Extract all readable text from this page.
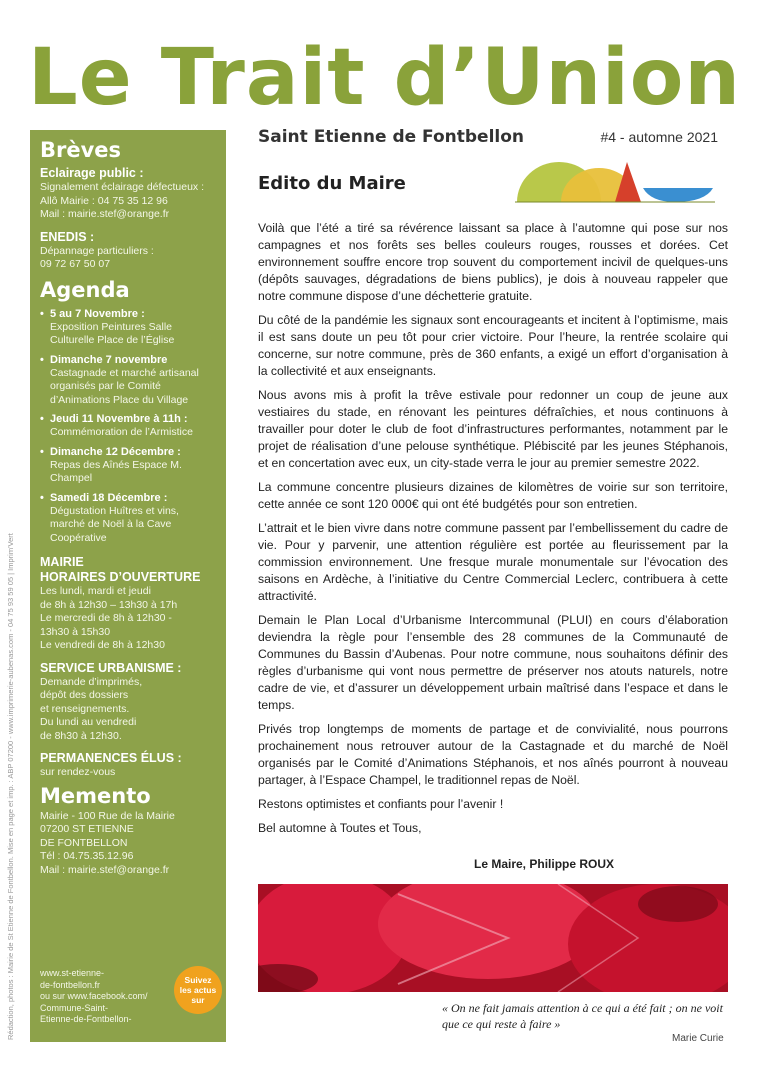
Le Trait d’Union
Rédaction, photos : Mairie de St Etienne de Fontbellon. Mise en page et imp. : ABP 07200 - www.imprimerie-aubenas.com - 04 75 93 59 05 | Imprim'Vert
Brèves
Eclairage public :
Signalement éclairage défectueux :
Allô Mairie : 04 75 35 12 96
Mail : mairie.stef@orange.fr
ENEDIS :
Dépannage particuliers :
09 72 67 50 07
Agenda
• 5 au 7 Novembre :
Exposition Peintures Salle Culturelle Place de l’Église
• Dimanche 7 novembre
Castagnade et marché artisanal organisés par le Comité d’Animations Place du Village
• Jeudi 11 Novembre à 11h :
Commémoration de l’Armistice
• Dimanche 12 Décembre :
Repas des Aînés Espace M. Champel
• Samedi 18 Décembre :
Dégustation Huîtres et vins, marché de Noël à la Cave Coopérative
MAIRIE
HORAIRES D’OUVERTURE
Les lundi, mardi et jeudi
de 8h à 12h30 – 13h30 à 17h
Le mercredi de 8h à 12h30 -
13h30 à 15h30
Le vendredi de 8h à 12h30
SERVICE URBANISME :
Demande d’imprimés,
dépôt des dossiers
et renseignements.
Du lundi au vendredi
de 8h30 à 12h30.
PERMANENCES ÉLUS :
sur rendez-vous
Memento
Mairie - 100 Rue de la Mairie
07200 ST ETIENNE
DE FONTBELLON
Tél : 04.75.35.12.96
Mail : mairie.stef@orange.fr
www.st-etienne-
de-fontbellon.fr
ou sur www.facebook.com/
Commune-Saint-
Etienne-de-Fontbellon-
Suivez
les actus
sur
Saint Etienne de Fontbellon	#4 - automne 2021
Edito du Maire

Voilà que l’été a tiré sa révérence laissant sa place à l’automne qui pose sur nos campagnes et nos forêts ses belles couleurs rouges, rousses et dorées. Cet environnement souffre encore trop souvent du comportement incivil de quelques-uns (dépôts sauvages, dégradations de biens publics), je dois à nouveau rappeler que notre commune dispose d’une déchetterie gratuite.

Du côté de la pandémie les signaux sont encourageants et incitent à l’optimisme, mais il est sans doute un peu tôt pour crier victoire. Pour l’heure, la rentrée scolaire qui concerne, sur notre commune, près de 360 enfants, a exigé un effort d’organisation à la collectivité et aux enseignants.

Nous avons mis à profit la trêve estivale pour redonner un coup de jeune aux vestiaires du stade, en rénovant les peintures défraîchies, et nous continuons à travailler pour doter le club de foot d’infrastructures performantes, notamment par le projet de réalisation d’une pelouse synthétique. Plébiscité par les jeunes Stéphanois, et en concertation avec eux, un city-stade verra le jour au premier semestre 2022.

La commune concentre plusieurs dizaines de kilomètres de voirie sur son territoire, cette année ce sont 120 000€ qui ont été budgétés pour son entretien.

L’attrait et le bien vivre dans notre commune passent par l’embellissement du cadre de vie. Pour y parvenir, une attention régulière est portée au fleurissement par la commission environnement. Une fresque murale monumentale sur l’évocation des saisons en Ardèche, à l’initiative du Centre Commercial Leclerc, contribuera à cette attractivité.

Demain le Plan Local d’Urbanisme Intercommunal (PLUI) en cours d’élaboration deviendra la règle pour l’ensemble des 28 communes de la Communauté de Communes du Bassin d’Aubenas. Pour notre commune, nous souhaitons définir des règles d’urbanisme qui vont nous permettre de préserver nos atouts naturels, notre cadre de vie, et d’assurer un développement urbain maîtrisé dans l’espace et dans le temps.

Privés trop longtemps de moments de partage et de convivialité, nous pourrons prochainement nous retrouver autour de la Castagnade et du marché de Noël organisés par le Comité d’Animations Stéphanois, et nos aînés pourront à nouveau partager, à l’Espace Champel, le traditionnel repas de Noël.

Restons optimistes et confiants pour l’avenir !

Bel automne à Toutes et Tous,

Le Maire, Philippe ROUX
« On ne fait jamais attention à ce qui a été fait ; on ne voit que ce qui reste à faire »
Marie Curie
